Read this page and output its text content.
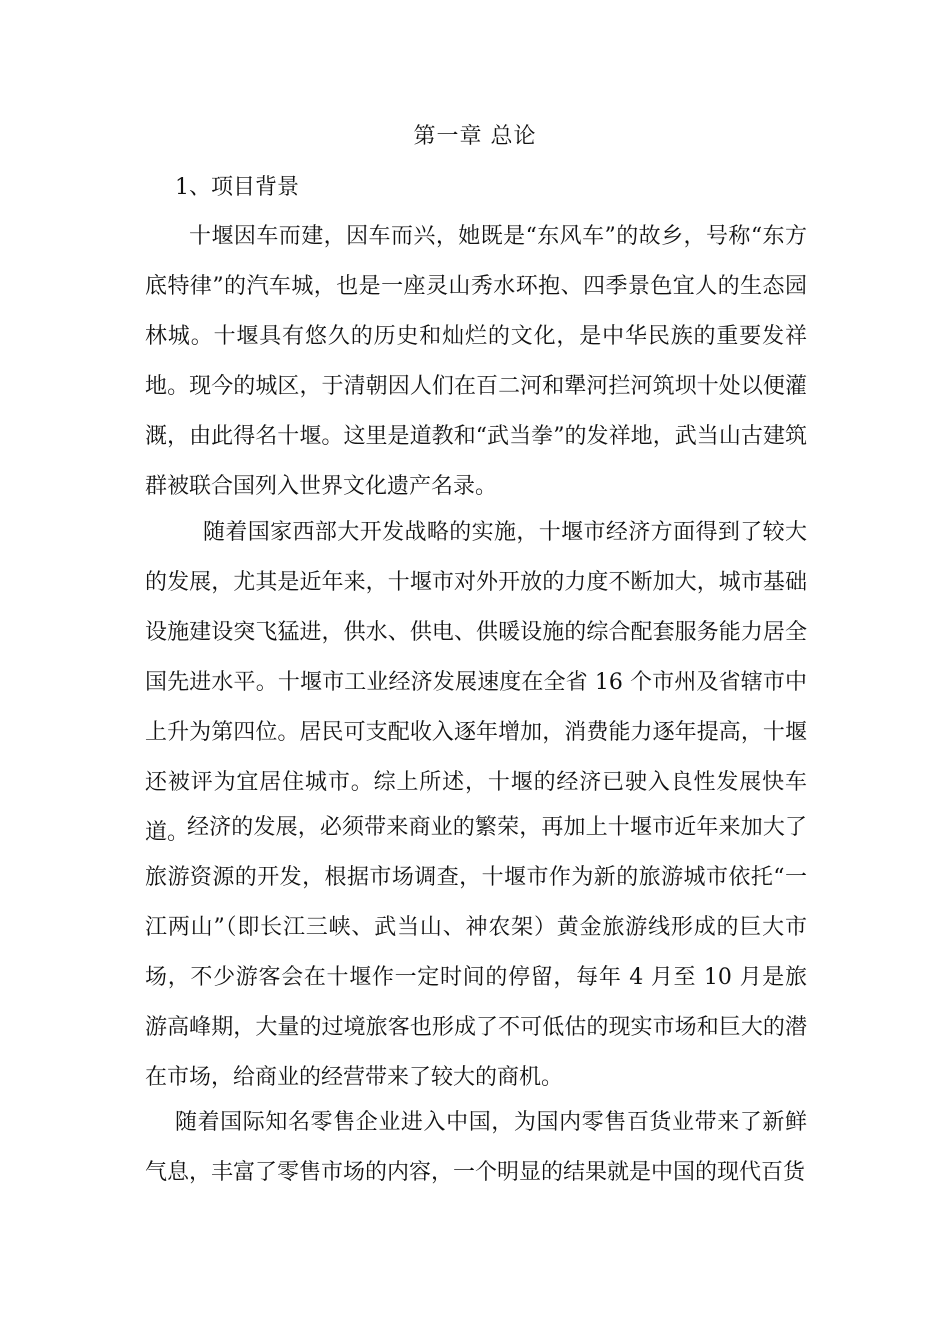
第一章 总论
1、项目背景

十堰因车而建，因车而兴，她既是“东风车”的故乡，号称“东方底特律”的汽车城，也是一座灵山秀水环抱、四季景色宜人的生态园林城。十堰具有悠久的历史和灿烂的文化，是中华民族的重要发祥地。现今的城区，于清朝因人们在百二河和犟河拦河筑坝十处以便灌溉，由此得名十堰。这里是道教和“武当拳”的发祥地，武当山古建筑群被联合国列入世界文化遗产名录。

随着国家西部大开发战略的实施，十堰市经济方面得到了较大的发展，尤其是近年来，十堰市对外开放的力度不断加大，城市基础设施建设突飞猛进，供水、供电、供暖设施的综合配套服务能力居全国先进水平。十堰市工业经济发展速度在全省 16 个市州及省辖市中上升为第四位。居民可支配收入逐年增加，消费能力逐年提高，十堰还被评为宜居住城市。综上所述，十堰的经济已驶入良性发展快车道。

经济的发展，必须带来商业的繁荣，再加上十堰市近年来加大了旅游资源的开发，根据市场调查，十堰市作为新的旅游城市依托“一江两山”（即长江三峡、武当山、神农架）黄金旅游线形成的巨大市场，不少游客会在十堰作一定时间的停留，每年 4 月至 10 月是旅游高峰期，大量的过境旅客也形成了不可低估的现实市场和巨大的潜在市场，给商业的经营带来了较大的商机。

随着国际知名零售企业进入中国，为国内零售百货业带来了新鲜气息，丰富了零售市场的内容，一个明显的结果就是中国的现代百货
